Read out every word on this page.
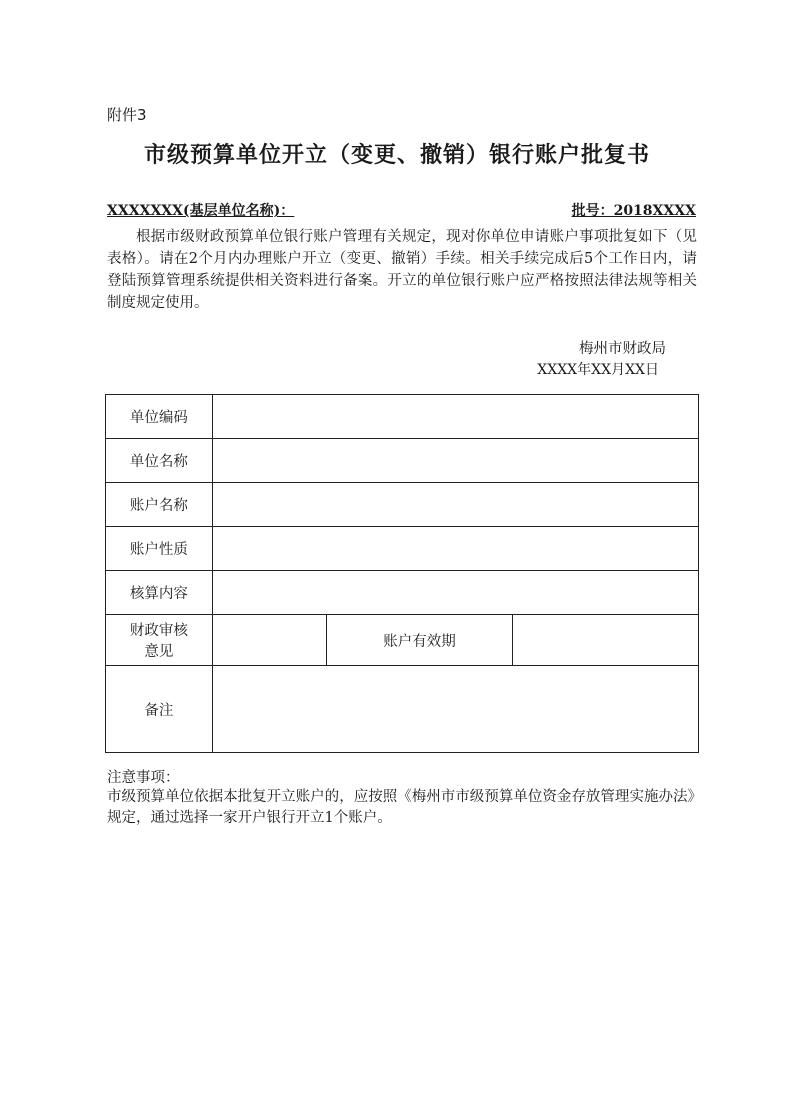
附件3
市级预算单位开立（变更、撤销）银行账户批复书
XXXXXXX(基层单位名称)：	批号：2018XXXX
根据市级财政预算单位银行账户管理有关规定，现对你单位申请账户事项批复如下（见表格）。请在2个月内办理账户开立（变更、撤销）手续。相关手续完成后5个工作日内，请登陆预算管理系统提供相关资料进行备案。开立的单位银行账户应严格按照法律法规等相关制度规定使用。
梅州市财政局
XXXX年XX月XX日
单位编码			
单位名称			
账户名称			
账户性质			
核算内容			

财政审核
意见		账户有效期	
备注			
注意事项：
市级预算单位依据本批复开立账户的，应按照《梅州市市级预算单位资金存放管理实施办法》规定，通过选择一家开户银行开立1个账户。
